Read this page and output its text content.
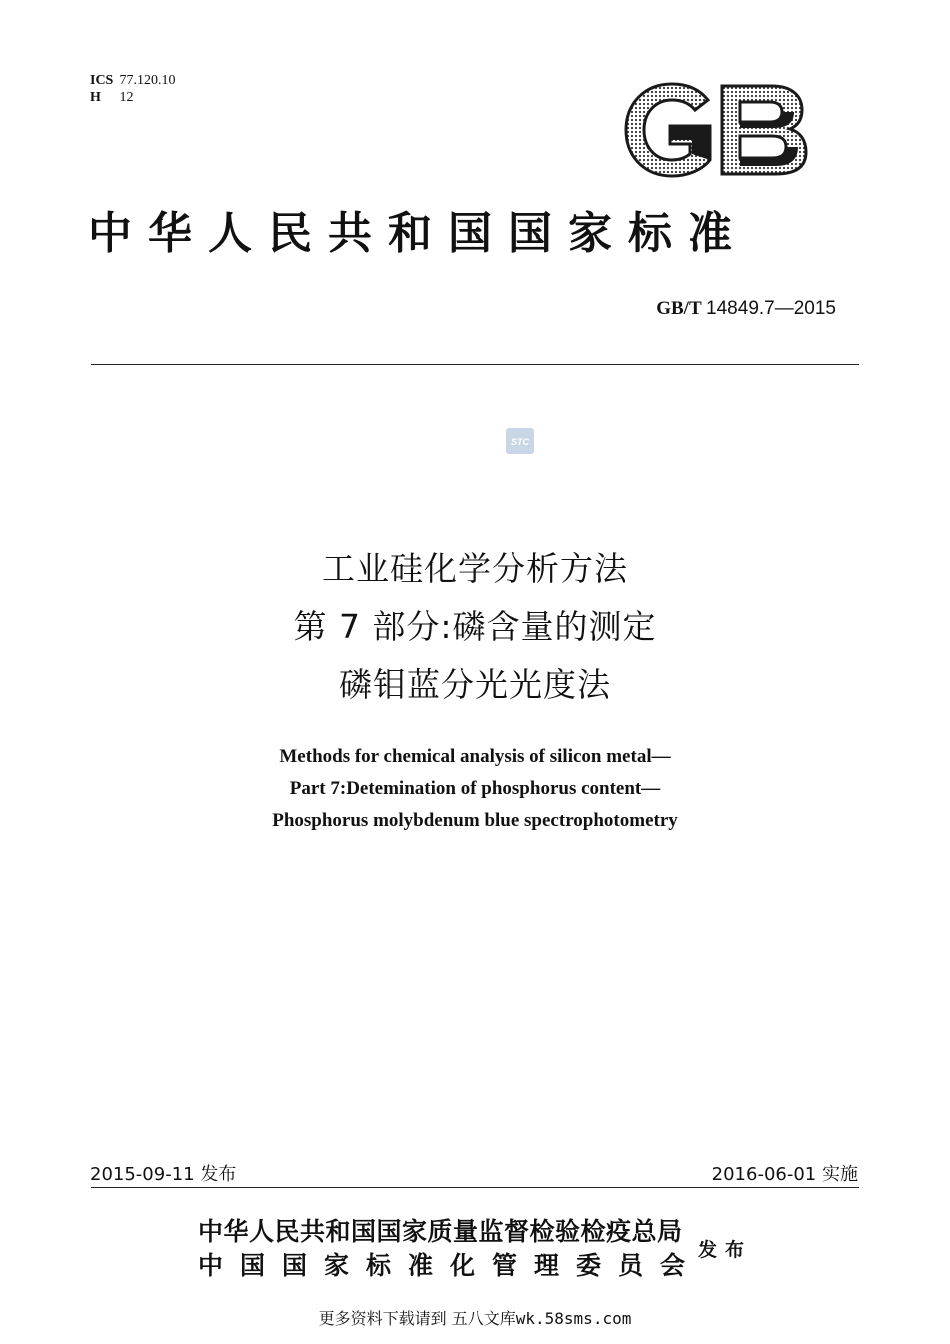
ICS 77.120.10
H 12
GB
中华人民共和国国家标准
GB/T 14849.7—2015
STC
工业硅化学分析方法
第 7 部分:磷含量的测定
磷钼蓝分光光度法
Methods for chemical analysis of silicon metal—
Part 7:Detemination of phosphorus content—
Phosphorus molybdenum blue spectrophotometry
2015-09-11 发布	2016-06-01 实施
中华人民共和国国家质量监督检验检疫总局
中国国家标准化管理委员会
发布
更多资料下载请到 五八文库wk.58sms.com
